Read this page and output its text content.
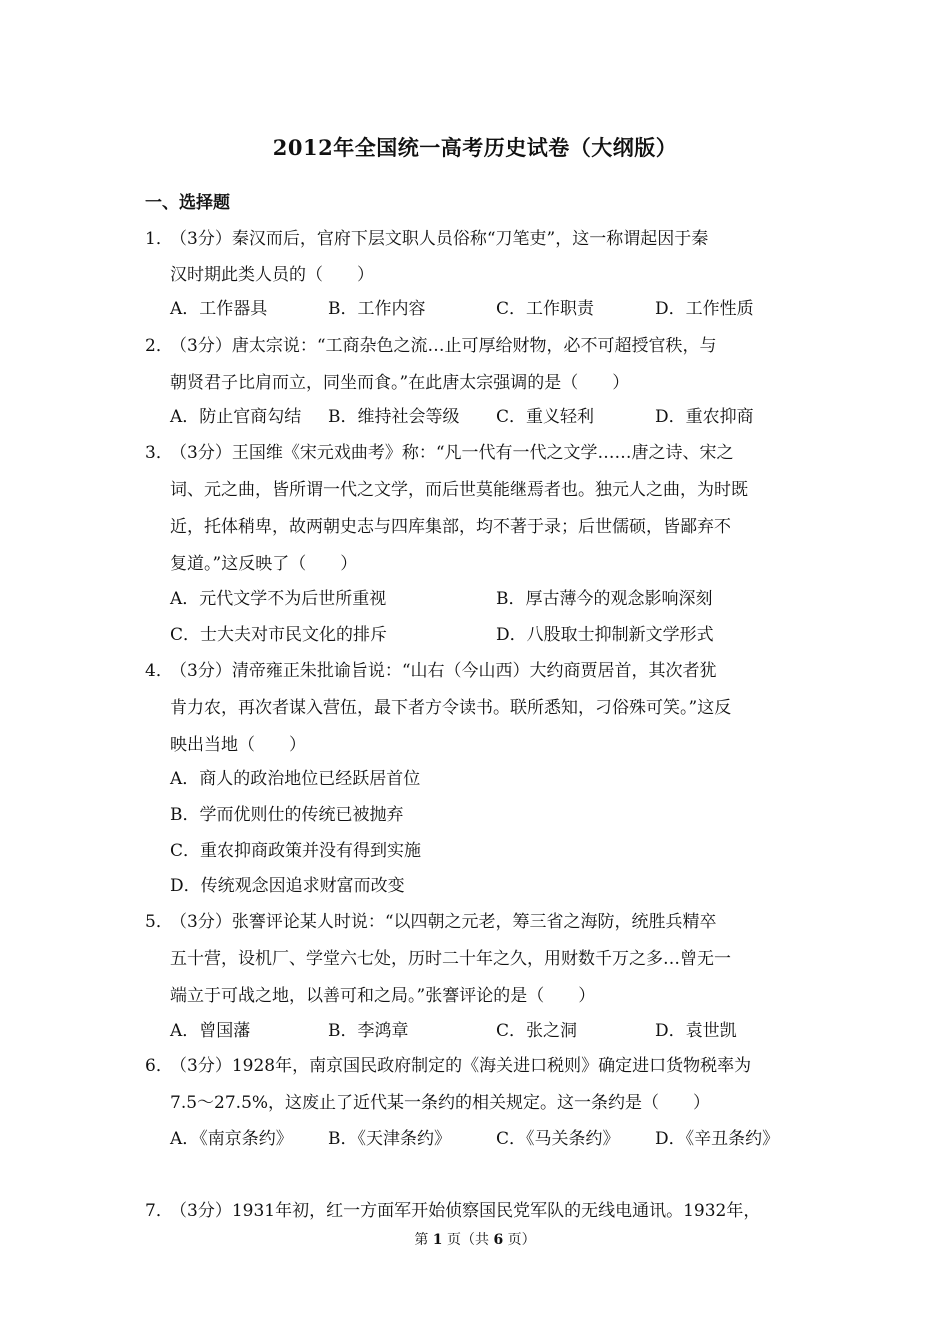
2012年全国统一高考历史试卷（大纲版）
一、选择题
1．
（3分）秦汉而后，官府下层文职人员俗称“刀笔吏”，这一称谓起因于秦
汉时期此类人员的（　　）
A．工作器具	B．工作内容	C．工作职责	D．工作性质
2．
（3分）唐太宗说：“工商杂色之流…止可厚给财物，必不可超授官秩，与
朝贤君子比肩而立，同坐而食。”在此唐太宗强调的是（　　）
A．防止官商勾结 B．维持社会等级 C．重义轻利	D．重农抑商
3．
（3分）王国维《宋元戏曲考》称：“凡一代有一代之文学……唐之诗、宋之
词、元之曲，皆所谓一代之文学，而后世莫能继焉者也。独元人之曲，为时既
近，托体稍卑，故两朝史志与四库集部，均不著于录；后世儒硕，皆鄙弃不
复道。”这反映了（　　）
A．元代文学不为后世所重视	B．厚古薄今的观念影响深刻
C．士大夫对市民文化的排斥	D．八股取士抑制新文学形式
4．
（3分）清帝雍正朱批谕旨说：“山右（今山西）大约商贾居首，其次者犹
肯力农，再次者谋入营伍，最下者方令读书。联所悉知，刁俗殊可笑。”这反
映出当地（　　）
A．商人的政治地位已经跃居首位
B．学而优则仕的传统已被抛弃
C．重农抑商政策并没有得到实施
D．传统观念因追求财富而改变
5．
（3分）张謇评论某人时说：“以四朝之元老，筹三省之海防，统胜兵精卒
五十营，设机厂、学堂六七处，历时二十年之久，用财数千万之多…曾无一
端立于可战之地，以善可和之局。”张謇评论的是（　　）
A．曾国藩	B．李鸿章	C．张之洞	D．袁世凯
6．
（3分）1928年，南京国民政府制定的《海关进口税则》确定进口货物税率为
7.5～27.5%，这废止了近代某一条约的相关规定。这一条约是（　　）
A．《南京条约》 B．《天津条约》	C．《马关条约》 D．《辛丑条约》
7．
（3分）1931年初，红一方面军开始侦察国民党军队的无线电通讯。1932年，
第 1 页（共 6 页）
